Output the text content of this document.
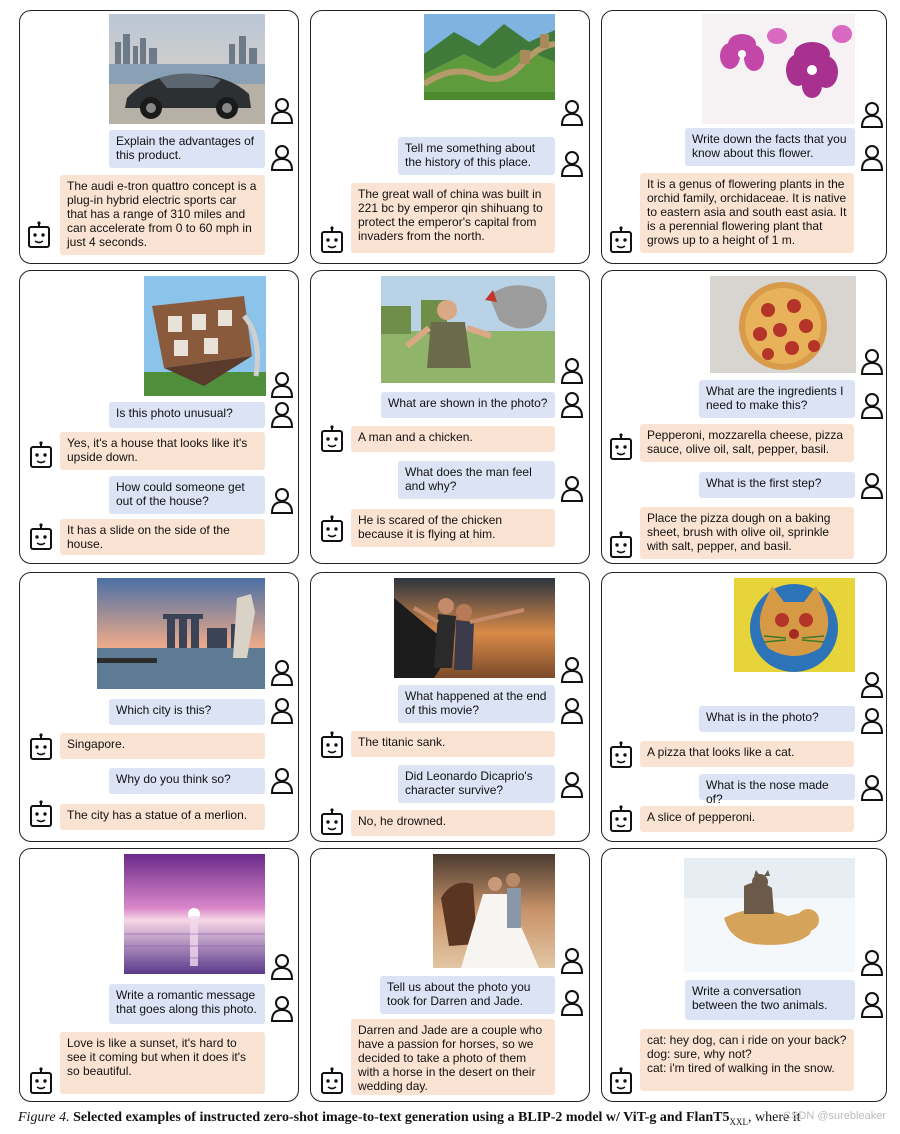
Explain the advantages of this product.
The audi e-tron quattro concept is a plug-in hybrid electric sports car that has a range of 310 miles and can accelerate from 0 to 60 mph in just 4 seconds.
Tell me something about the history of this place.
The great wall of china was built in 221 bc by emperor qin shihuang to protect the emperor's capital from invaders from the north.
Write down the facts that you know about this flower.
It is a genus of flowering plants in the orchid family, orchidaceae. It is native to eastern asia and south east asia. It is a perennial flowering plant that grows up to a height of 1 m.
Is this photo unusual?
Yes, it's a house that looks like it's upside down.
How could someone get out of the house?
It has a slide on the side of the house.
What are shown in the photo?
A man and a chicken.
What does the man feel and why?
He is scared of the chicken because it is flying at him.
What are the ingredients I need to make this?
Pepperoni, mozzarella cheese, pizza sauce, olive oil, salt, pepper, basil.
What is the first step?
Place the pizza dough on a baking sheet, brush with olive oil, sprinkle with salt, pepper, and basil.
Which city is this?
Singapore.
Why do you think so?
The city has a statue of a merlion.
What happened at the end of this movie?
The titanic sank.
Did Leonardo Dicaprio's character survive?
No, he drowned.
What is in the photo?
A pizza that looks like a cat.
What is the nose made of?
A slice of pepperoni.
Write a romantic message that goes along this photo.
Love is like a sunset, it's hard to see it coming but when it does it's so beautiful.
Tell us about the photo you took for Darren and Jade.
Darren and Jade are a couple who have a passion for horses, so we decided to take a photo of them with a horse in the desert on their wedding day.
Write a conversation between the two animals.
cat: hey dog, can i ride on your back?
dog: sure, why not?
cat: i'm tired of walking in the snow.
Figure 4. Selected examples of instructed zero-shot image-to-text generation using a BLIP-2 model w/ ViT-g and $FlanT5_{XXL}$, where it
CSDN @surebleaker
